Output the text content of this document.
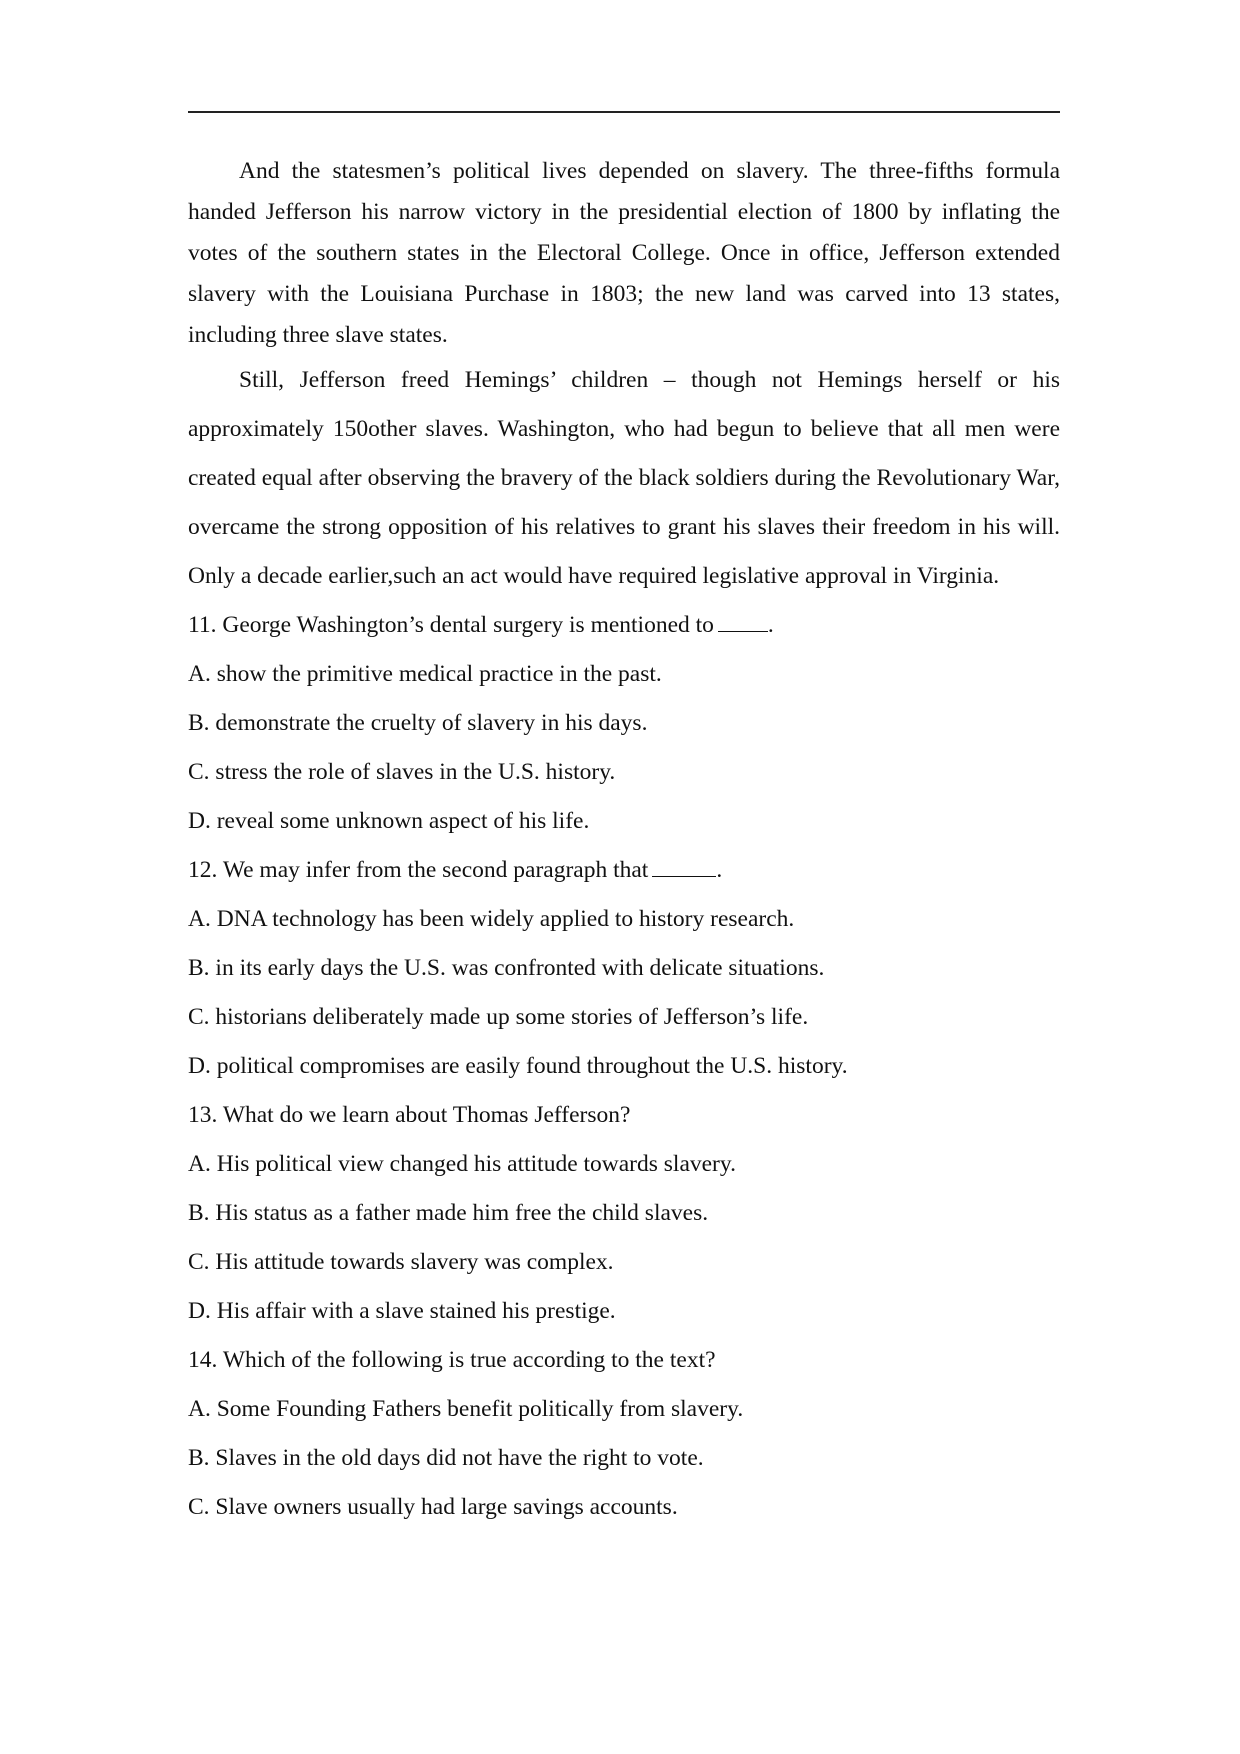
And the statesmen’s political lives depended on slavery. The three-fifths formula handed Jefferson his narrow victory in the presidential election of 1800 by inflating the votes of the southern states in the Electoral College. Once in office, Jefferson extended slavery with the Louisiana Purchase in 1803; the new land was carved into 13 states, including three slave states.

Still, Jefferson freed Hemings’ children – though not Hemings herself or his approximately 150other slaves. Washington, who had begun to believe that all men were created equal after observing the bravery of the black soldiers during the Revolutionary War, overcame the strong opposition of his relatives to grant his slaves their freedom in his will. Only a decade earlier,such an act would have required legislative approval in Virginia.

11. George Washington’s dental surgery is mentioned to .

A. show the primitive medical practice in the past.

B. demonstrate the cruelty of slavery in his days.

C. stress the role of slaves in the U.S. history.

D. reveal some unknown aspect of his life.

12. We may infer from the second paragraph that	.

A. DNA technology has been widely applied to history research.

B. in its early days the U.S. was confronted with delicate situations.

C. historians deliberately made up some stories of Jefferson’s life.

D. political compromises are easily found throughout the U.S. history.

13. What do we learn about Thomas Jefferson?

A. His political view changed his attitude towards slavery.

B. His status as a father made him free the child slaves.

C. His attitude towards slavery was complex.

D. His affair with a slave stained his prestige.

14. Which of the following is true according to the text?

A. Some Founding Fathers benefit politically from slavery.

B. Slaves in the old days did not have the right to vote.

C. Slave owners usually had large savings accounts.
